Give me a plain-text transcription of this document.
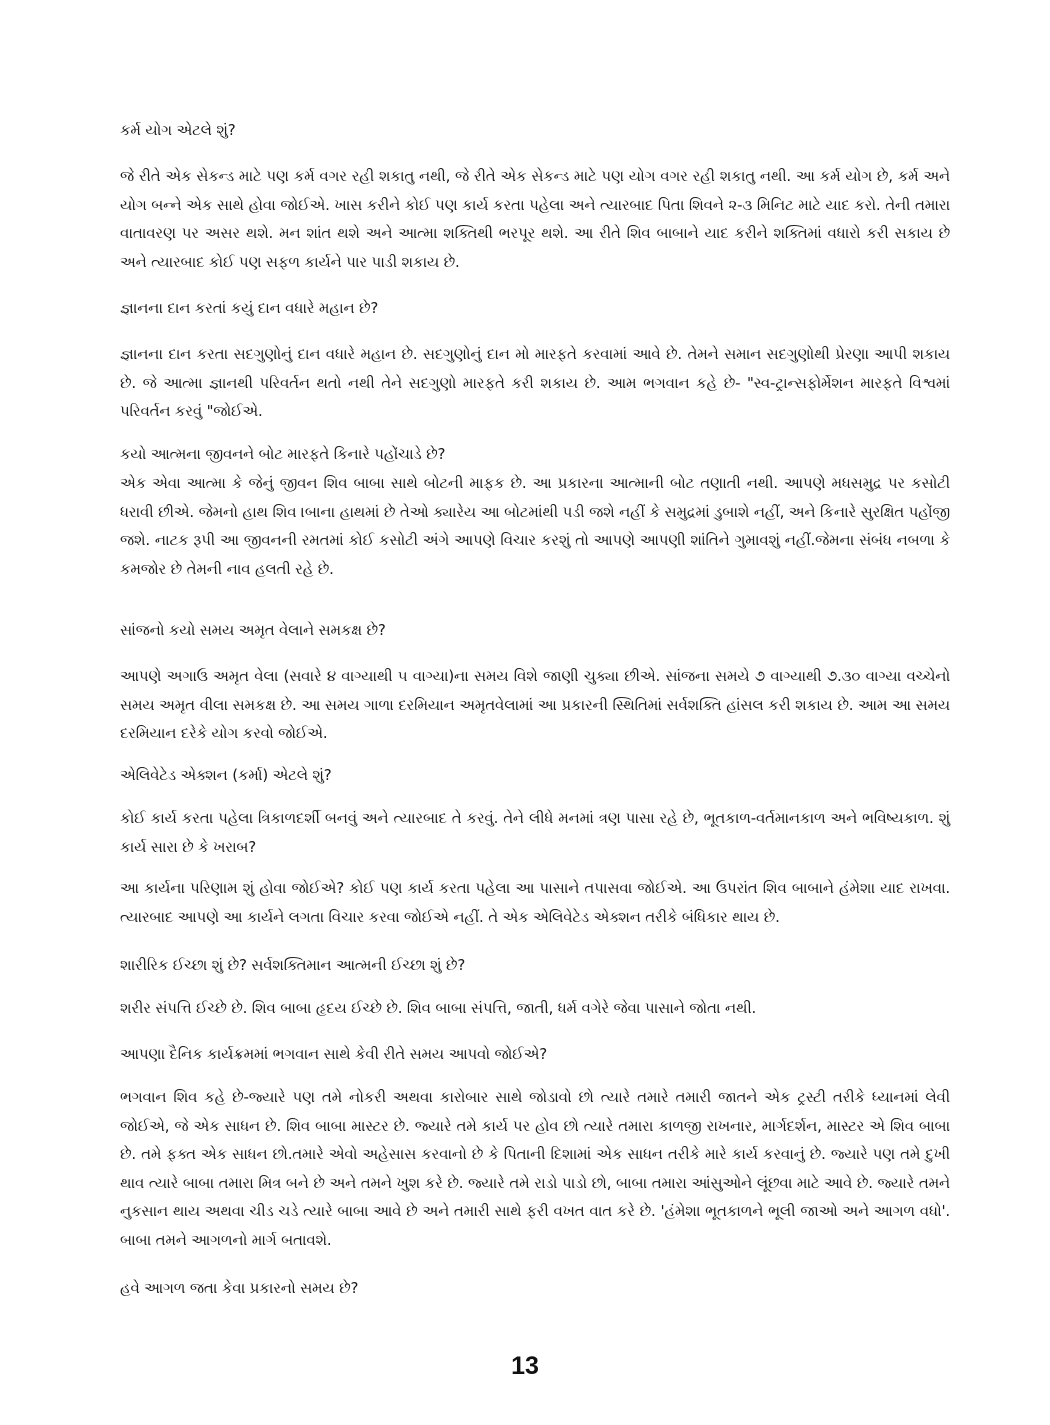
કર્મ યોગ એટલે શું?

જે રીતે એક સેકન્ડ માટે પણ કર્મ વગર રહી શકાતુ નથી, જે રીતે એક સેકન્ડ માટે પણ યોગ વગર રહી શકાતુ નથી. આ કર્મ યોગ છે, કર્મ અને યોગ બન્ને એક સાથે હોવા જોઈએ. ખાસ કરીને કોઈ પણ કાર્ય કરતા પહેલા અને ત્યારબાદ પિતા શિવને ૨-૩ મિનિટ માટે યાદ કરો. તેની તમારા વાતાવરણ પર અસર થશે. મન શાંત થશે અને આત્મા શક્તિથી ભરપૂર થશે. આ રીતે શિવ બાબાને યાદ કરીને શક્તિમાં વધારો કરી સકાય છે અને ત્યારબાદ કોઈ પણ સફળ કાર્યને પાર પાડી શકાય છે.

જ્ઞાનના દાન કરતાં કયું દાન વધારે મહાન છે?

જ્ઞાનના દાન કરતા સદગુણોનું દાન વધારે મહાન છે. સદગુણોનું દાન મો મારફતે કરવામાં આવે છે. તેમને સમાન સદગુણોથી પ્રેરણા આપી શકાય છે. જે આત્મા જ્ઞાનથી પરિવર્તન થતો નથી તેને સદગુણો મારફતે કરી શકાય છે. આમ ભગવાન કહે છે- "સ્વ-ટ્રાન્સફોર્મેશન મારફતે વિશ્વમાં પરિવર્તન કરવું "જોઈએ.

કયો આત્મના જીવનને બોટ મારફતે કિનારે પહોંચાડે છે?

એક એવા આત્મા કે જેનું જીવન શિવ બાબા સાથે બોટની માફક છે. આ પ્રકારના આત્માની બોટ તણાતી નથી. આપણે મધસમુદ્ર પર કસોટી ધરાવી છીએ. જેમનો હાથ શિવ ।બાના હાથમાં છે તેઓ ક્યારેય આ બોટમાંથી પડી જશે નહીં કે સમુદ્રમાં ડુબાશે નહીં, અને કિનારે સુરક્ષિત પહોંજી જશે. નાટક રૂપી આ જીવનની રમતમાં કોઈ કસોટી અંગે આપણે વિચાર કરશું તો આપણે આપણી શાંતિને ગુમાવશું નહીં.જેમના સંબંધ નબળા કે કમજોર છે તેમની નાવ હલતી રહે છે.

સાંજનો કયો સમય અમૃત વેલાને સમકક્ષ છે?

આપણે અગાઉ અમૃત વેલા (સવારે ૪ વાગ્યાથી ૫ વાગ્યા)ના સમય વિશે જાણી ચુક્યા છીએ. સાંજના સમયે ૭ વાગ્યાથી ૭.૩૦ વાગ્યા વચ્ચેનો સમય અમૃત વીલા સમકક્ષ છે. આ સમય ગાળા દરમિયાન અમૃતવેલામાં આ પ્રકારની સ્થિતિમાં સર્વશક્તિ હાંસલ કરી શકાય છે. આમ આ સમય દરમિયાન દરેકે યોગ કરવો જોઈએ.

એલિવેટેડ એક્શન (કર્મા) એટલે શું?

કોઈ કાર્ય કરતા પહેલા ત્રિકાળદર્શી બનવું અને ત્યારબાદ તે કરવું. તેને લીધે મનમાં ત્રણ પાસા રહે છે, ભૂતકાળ-વર્તમાનકાળ અને ભવિષ્યકાળ. શું કાર્ય સારા છે કે ખરાબ?

આ કાર્યના પરિણામ શું હોવા જોઈએ? કોઈ પણ કાર્ય કરતા પહેલા આ પાસાને તપાસવા જોઈએ. આ ઉપરાંત શિવ બાબાને હંમેશા યાદ રાખવા. ત્યારબાદ આપણે આ કાર્યને લગતા વિચાર કરવા જોઈએ નહીં. તે એક એલિવેટેડ એક્શન તરીકે બંધિકાર થાય છે.

શારીરિક ઈચ્છા શું છે? સર્વશક્તિમાન આત્મની ઈચ્છા શું છે?

શરીર સંપત્તિ ઈચ્છે છે. શિવ બાબા હૃદય ઈચ્છે છે. શિવ બાબા સંપત્તિ, જાતી, ધર્મ વગેરે જેવા પાસાને જોતા નથી.

આપણા દૈનિક કાર્યક્રમમાં ભગવાન સાથે કેવી રીતે સમય આપવો જોઈએ?

ભગવાન શિવ કહે છે-જ્યારે પણ તમે નોકરી અથવા કારોબાર સાથે જોડાવો છો ત્યારે તમારે તમારી જાતને એક ટ્રસ્ટી તરીકે ધ્યાનમાં લેવી જોઈએ, જે એક સાધન છે. શિવ બાબા માસ્ટર છે. જ્યારે તમે કાર્ય પર હોવ છો ત્યારે તમારા કાળજી રાખનાર, માર્ગદર્શન, માસ્ટર એ શિવ બાબા છે. તમે ફક્ત એક સાધન છો.તમારે એવો અહેસાસ કરવાનો છે કે પિતાની દિશામાં એક સાધન તરીકે મારે કાર્ય કરવાનું છે. જ્યારે પણ તમે દુખી થાવ ત્યારે બાબા તમારા મિત્ર બને છે અને તમને ખુશ કરે છે. જ્યારે તમે રાડો પાડો છો, બાબા તમારા આંસુઓને લૂંછવા માટે આવે છે. જ્યારે તમને નુકસાન થાય અથવા ચીડ ચડે ત્યારે બાબા આવે છે અને તમારી સાથે ફરી વખત વાત કરે છે. 'હંમેશા ભૂતકાળને ભૂલી જાઓ અને આગળ વધો'. બાબા તમને આગળનો માર્ગ બતાવશે.

હવે આગળ જતા કેવા પ્રકારનો સમય છે?

13
